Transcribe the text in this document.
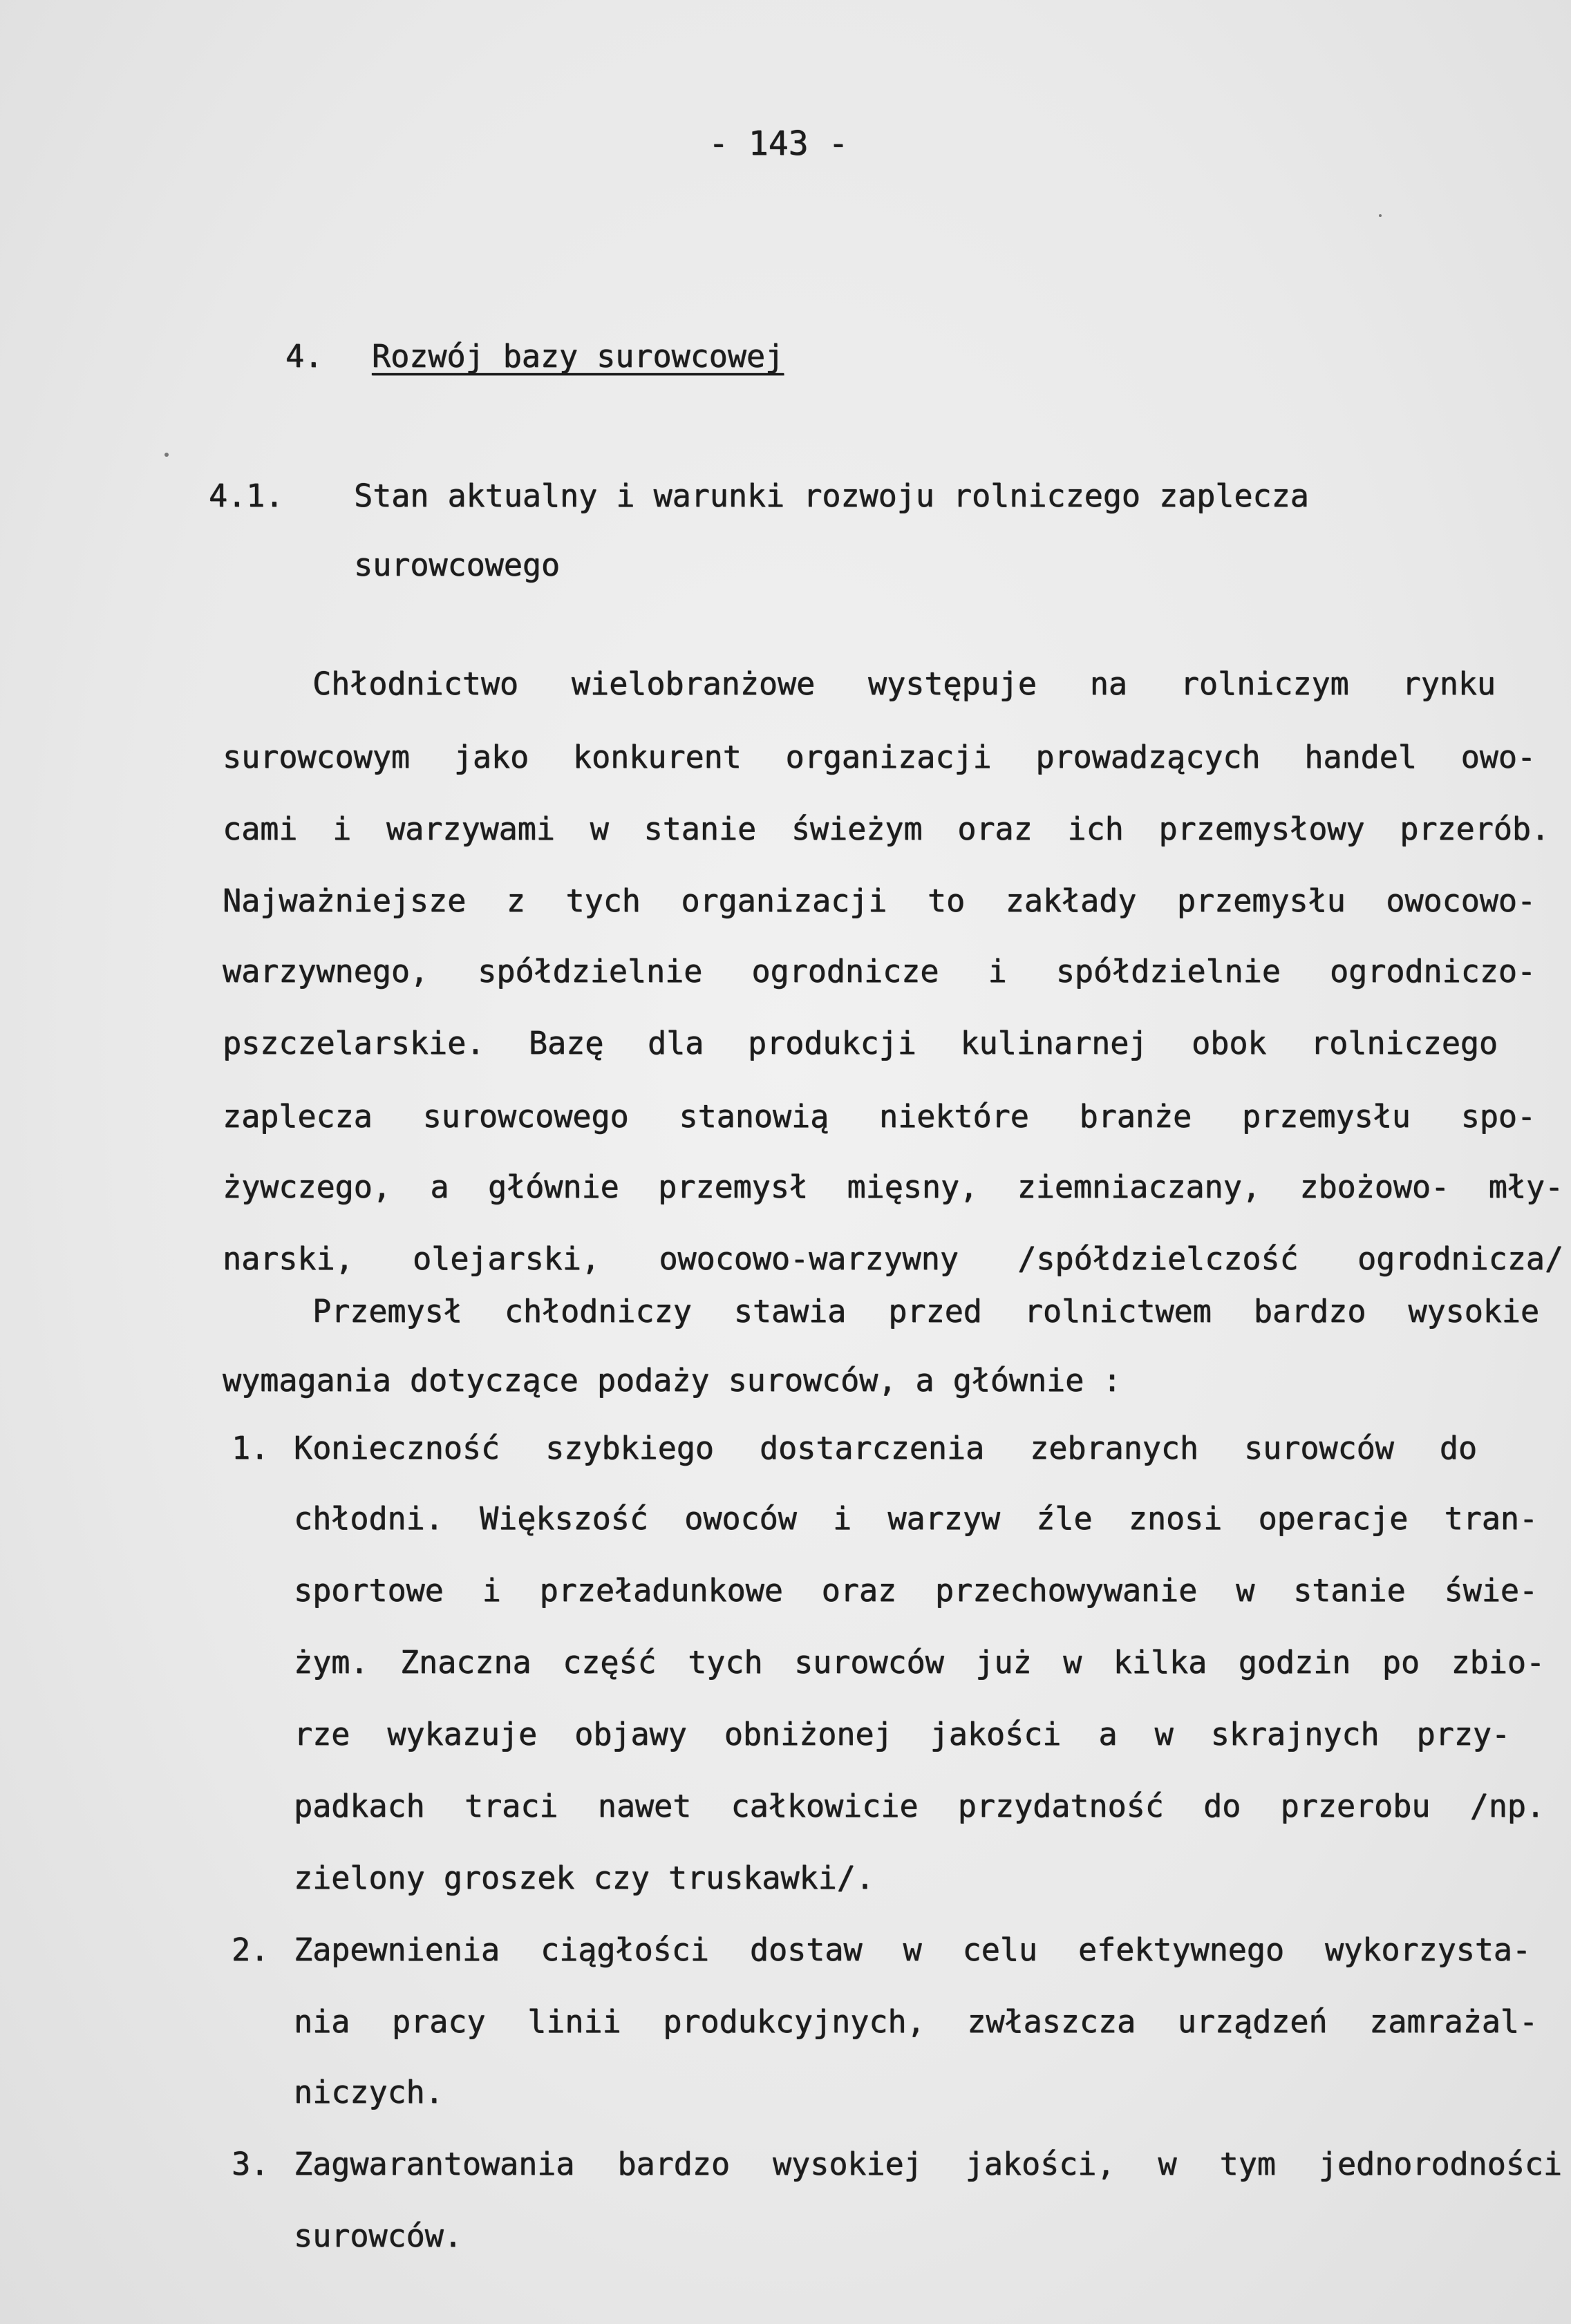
- 143 -
4. Rozwój bazy surowcowej
4.1. Stan aktualny i warunki rozwoju rolniczego zaplecza
surowcowego
Chłodnictwo wielobranżowe występuje na rolniczym rynku
surowcowym jako konkurent organizacji prowadzących handel owo-
cami i warzywami w stanie świeżym oraz ich przemysłowy przerób.
Najważniejsze z tych organizacji to zakłady przemysłu owocowo-
warzywnego, spółdzielnie ogrodnicze i spółdzielnie ogrodniczo-
pszczelarskie. Bazę dla produkcji kulinarnej obok rolniczego
zaplecza surowcowego stanowią niektóre branże przemysłu spo-
żywczego, a głównie przemysł mięsny, ziemniaczany, zbożowo- mły-
narski, olejarski, owocowo-warzywny /spółdzielczość ogrodnicza/
Przemysł chłodniczy stawia przed rolnictwem bardzo wysokie
wymagania dotyczące podaży surowców, a głównie :
1. Konieczność szybkiego dostarczenia zebranych surowców do
chłodni. Większość owoców i warzyw źle znosi operacje tran-
sportowe i przeładunkowe oraz przechowywanie w stanie świe-
żym. Znaczna część tych surowców już w kilka godzin po zbio-
rze wykazuje objawy obniżonej jakości a w skrajnych przy-
padkach traci nawet całkowicie przydatność do przerobu /np.
zielony groszek czy truskawki/.
2. Zapewnienia ciągłości dostaw w celu efektywnego wykorzysta-
nia pracy linii produkcyjnych, zwłaszcza urządzeń zamrażal-
niczych.
3. Zagwarantowania bardzo wysokiej jakości, w tym jednorodności
surowców.
